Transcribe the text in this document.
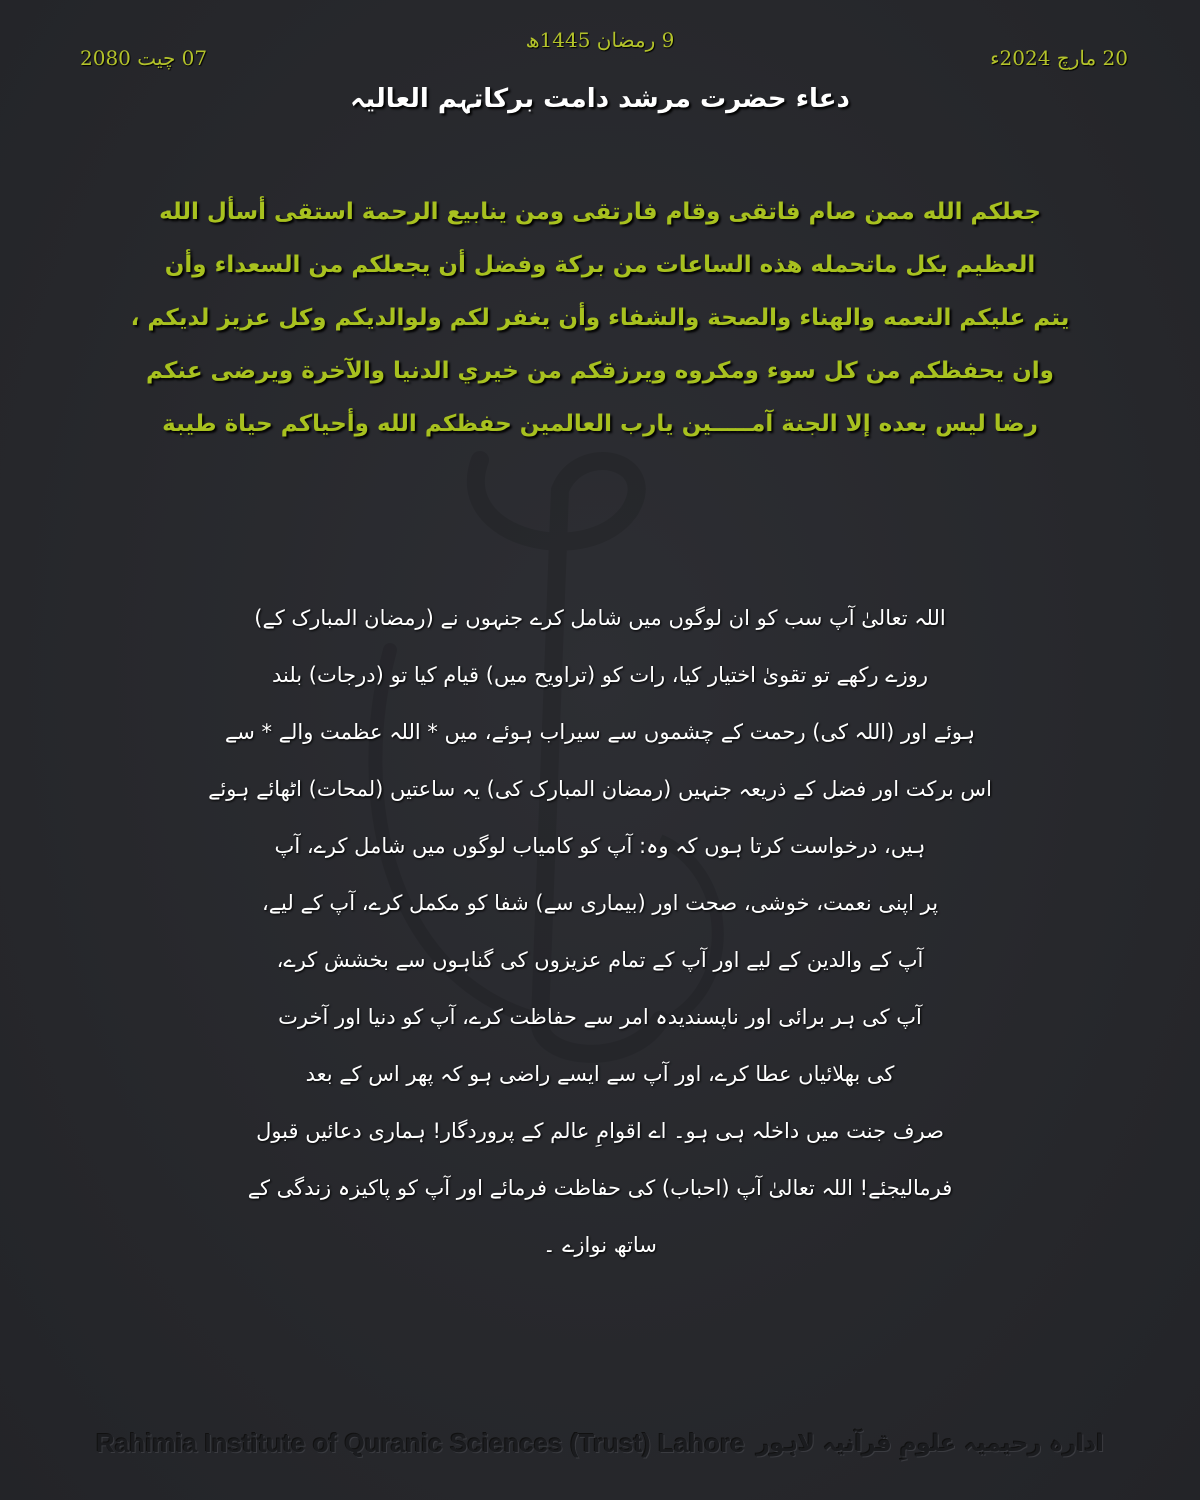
9 رمضان 1445ھ
20 مارچ 2024ء
07 چیت 2080
دعاء حضرت مرشد دامت برکاتہم العالیہ
جعلكم الله ممن صام فاتقى وقام فارتقى ومن ينابيع الرحمة استقى أسأل الله
العظيم بكل ماتحمله هذه الساعات من بركة وفضل أن يجعلكم من السعداء وأن
يتم عليكم النعمه والهناء والصحة والشفاء وأن يغفر لكم ولوالديكم وكل عزيز لديكم ،
وان يحفظكم من كل سوء ومكروه ويرزقكم من خيري الدنيا والآخرة ويرضى عنكم
رضا ليس بعده إلا الجنة آمـــــين يارب العالمين حفظكم الله وأحياكم حياة طيبة
اللہ تعالیٰ آپ سب کو ان لوگوں میں شامل کرے جنہوں نے (رمضان المبارک کے)
روزے رکھے تو تقویٰ اختیار کیا، رات کو (تراویح میں) قیام کیا تو (درجات) بلند
ہوئے اور (اللہ کی) رحمت کے چشموں سے سیراب ہوئے، میں * اللہ عظمت والے * سے
اس برکت اور فضل کے ذریعہ جنہیں (رمضان المبارک کی) یہ ساعتیں (لمحات) اٹھائے ہوئے
ہیں، درخواست کرتا ہوں کہ وہ: آپ کو کامیاب لوگوں میں شامل کرے، آپ
پر اپنی نعمت، خوشی، صحت اور (بیماری سے) شفا کو مکمل کرے، آپ کے لیے،
آپ کے والدین کے لیے اور آپ کے تمام عزیزوں کی گناہوں سے بخشش کرے،
آپ کی ہر برائی اور ناپسندیدہ امر سے حفاظت کرے، آپ کو دنیا اور آخرت
کی بھلائیاں عطا کرے، اور آپ سے ایسے راضی ہو کہ پھر اس کے بعد
صرف جنت میں داخلہ ہی ہو۔ اے اقوامِ عالم کے پروردگار! ہماری دعائیں قبول
فرمالیجئے! اللہ تعالیٰ آپ (احباب) کی حفاظت فرمائے اور آپ کو پاکیزہ زندگی کے
ساتھ نوازے ۔
Rahimia Institute of Quranic Sciences (Trust) Lahore ادارہ رحیمیہ علومِ قرآنیہ لاہور
